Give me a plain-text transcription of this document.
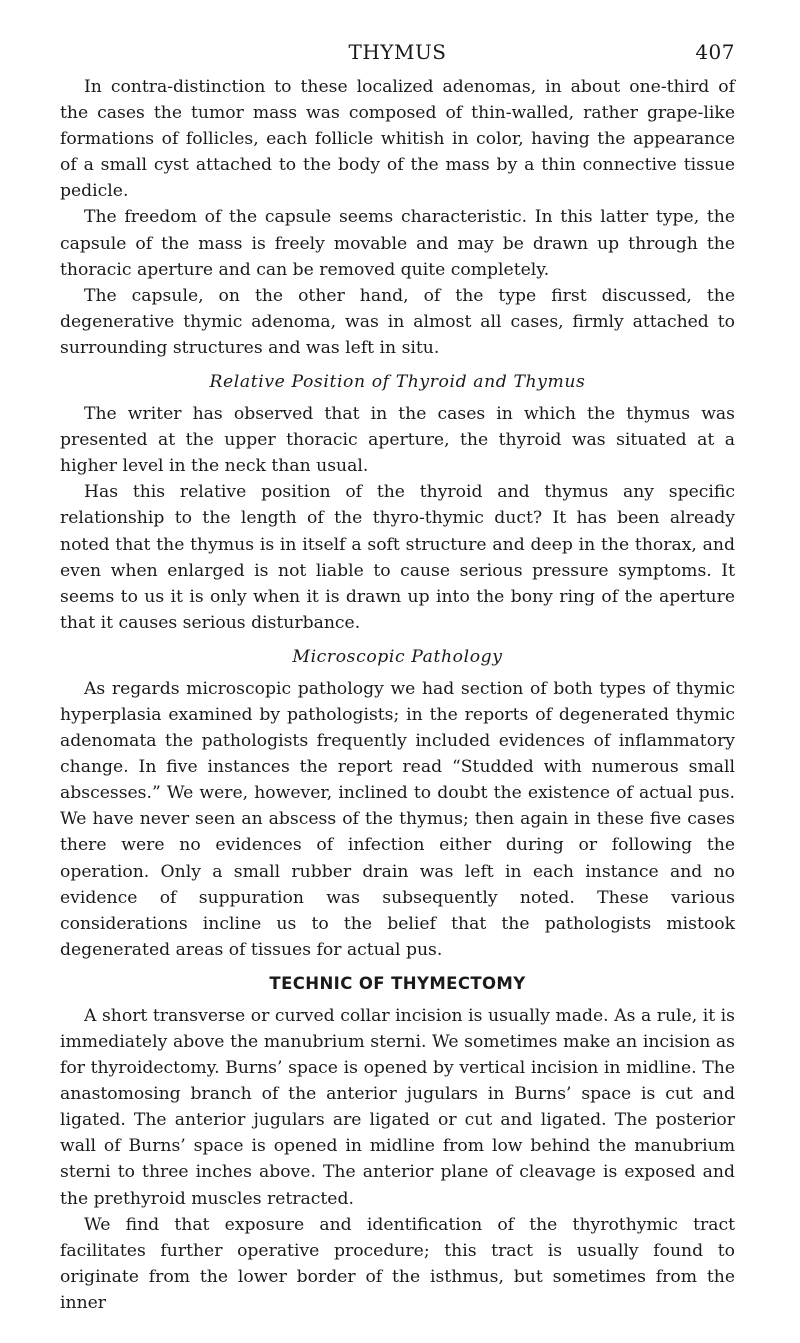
THYMUS	407

In contra-distinction to these localized adenomas, in about one-third of the cases the tumor mass was composed of thin-walled, rather grape-like formations of follicles, each follicle whitish in color, having the appearance of a small cyst attached to the body of the mass by a thin connective tissue pedicle.

The freedom of the capsule seems characteristic. In this latter type, the capsule of the mass is freely movable and may be drawn up through the thoracic aperture and can be removed quite completely.

The capsule, on the other hand, of the type first discussed, the degenerative thymic adenoma, was in almost all cases, firmly attached to surrounding structures and was left in situ.

Relative Position of Thyroid and Thymus

The writer has observed that in the cases in which the thymus was presented at the upper thoracic aperture, the thyroid was situated at a higher level in the neck than usual.

Has this relative position of the thyroid and thymus any specific relationship to the length of the thyro-thymic duct? It has been already noted that the thymus is in itself a soft structure and deep in the thorax, and even when enlarged is not liable to cause serious pressure symptoms. It seems to us it is only when it is drawn up into the bony ring of the aperture that it causes serious disturbance.

Microscopic Pathology

As regards microscopic pathology we had section of both types of thymic hyperplasia examined by pathologists; in the reports of degenerated thymic adenomata the pathologists frequently included evidences of inflammatory change. In five instances the report read “Studded with numerous small abscesses.” We were, however, inclined to doubt the existence of actual pus. We have never seen an abscess of the thymus; then again in these five cases there were no evidences of infection either during or following the operation. Only a small rubber drain was left in each instance and no evidence of suppuration was subsequently noted. These various considerations incline us to the belief that the pathologists mistook degenerated areas of tissues for actual pus.

TECHNIC OF THYMECTOMY

A short transverse or curved collar incision is usually made. As a rule, it is immediately above the manubrium sterni. We sometimes make an incision as for thyroidectomy. Burns’ space is opened by vertical incision in midline. The anastomosing branch of the anterior jugulars in Burns’ space is cut and ligated. The anterior jugulars are ligated or cut and ligated. The posterior wall of Burns’ space is opened in midline from low behind the manubrium sterni to three inches above. The anterior plane of cleavage is exposed and the prethyroid muscles retracted.

We find that exposure and identification of the thyrothymic tract facilitates further operative procedure; this tract is usually found to originate from the lower border of the isthmus, but sometimes from the inner
